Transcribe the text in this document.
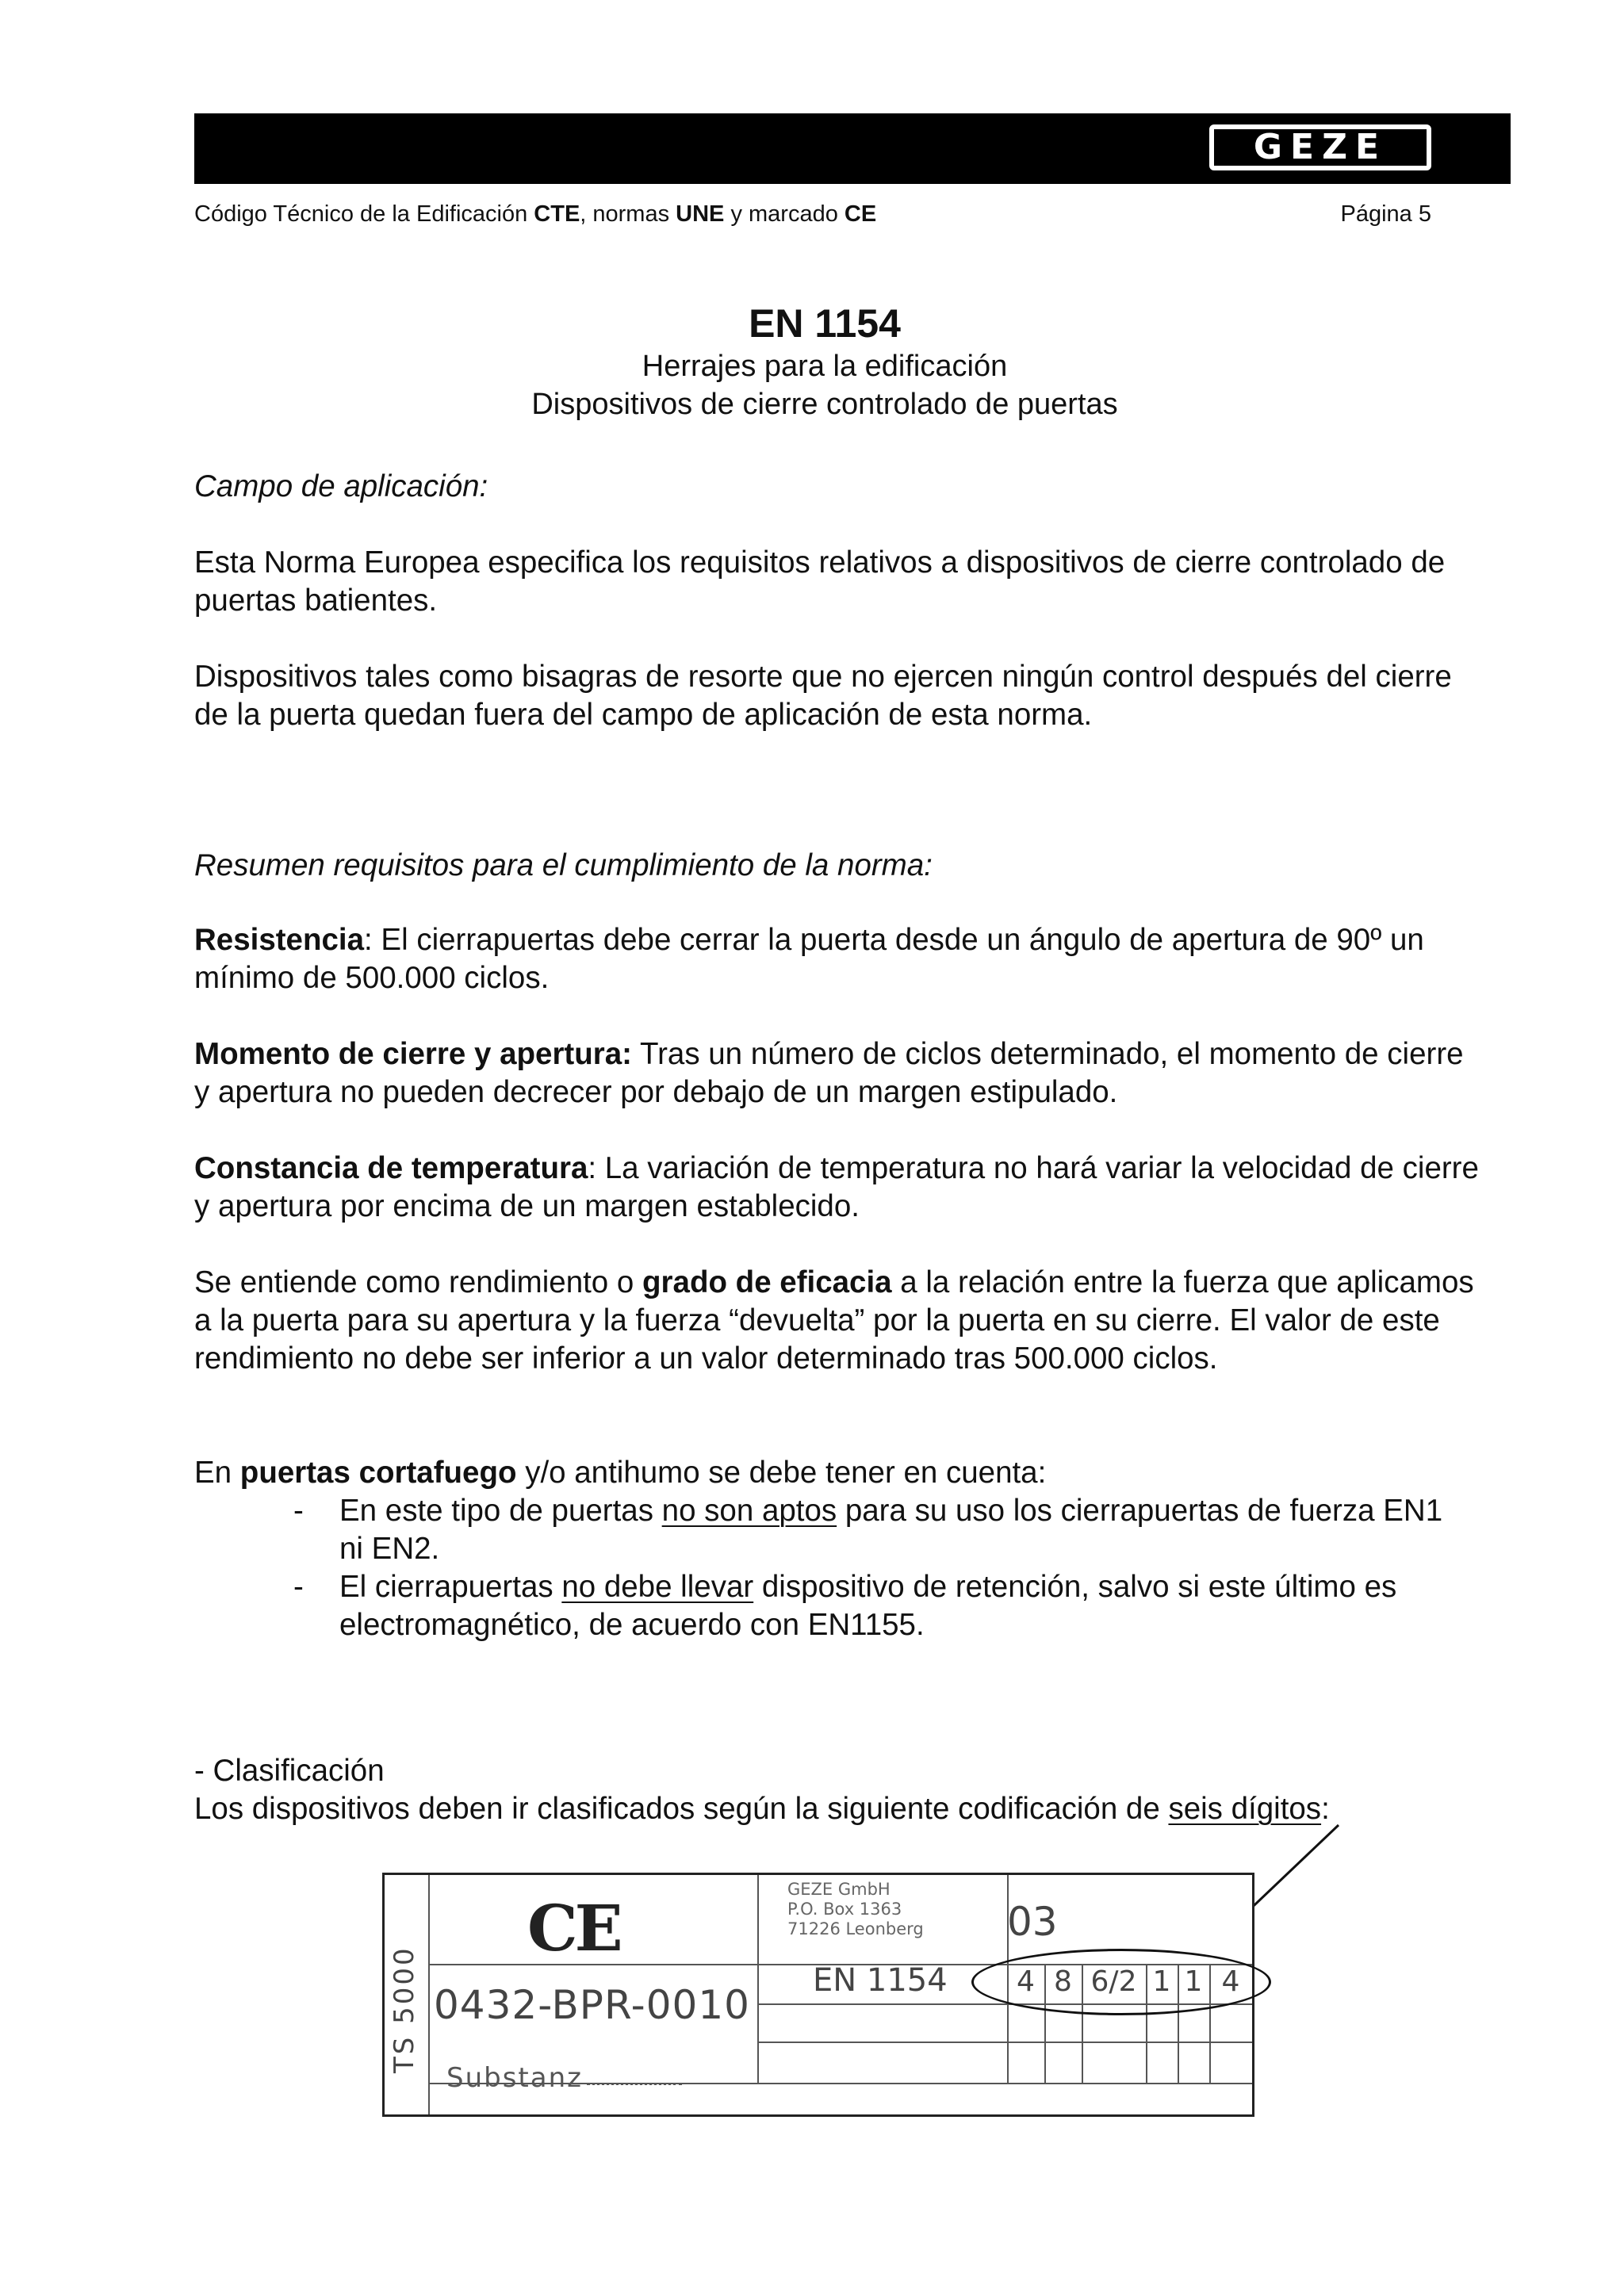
GEZE
Código Técnico de la Edificación CTE, normas UNE y marcado CE	Página 5
EN 1154
Herrajes para la edificación
Dispositivos de cierre controlado de puertas

Campo de aplicación:

Esta Norma Europea especifica los requisitos relativos a dispositivos de cierre controlado de puertas batientes.

Dispositivos tales como bisagras de resorte que no ejercen ningún control después del cierre de la puerta quedan fuera del campo de aplicación de esta norma.

Resumen requisitos para el cumplimiento de la norma:

Resistencia: El cierrapuertas debe cerrar la puerta desde un ángulo de apertura de 90º un mínimo de 500.000 ciclos.

Momento de cierre y apertura: Tras un número de ciclos determinado, el momento de cierre y apertura no pueden decrecer por debajo de un margen estipulado.

Constancia de temperatura: La variación de temperatura no hará variar la velocidad de cierre y apertura por encima de un margen establecido.

Se entiende como rendimiento o grado de eficacia a la relación entre la fuerza que aplicamos a la puerta para su apertura y la fuerza “devuelta” por la puerta en su cierre. El valor de este rendimiento no debe ser inferior a un valor determinado tras 500.000 ciclos.

En puertas cortafuego y/o antihumo se debe tener en cuenta:

- En este tipo de puertas no son aptos para su uso los cierrapuertas de fuerza EN1 ni EN2.
- El cierrapuertas no debe llevar dispositivo de retención, salvo si este último es electromagnético, de acuerdo con EN1155.

- Clasificación

Los dispositivos deben ir clasificados según la siguiente codificación de seis dígitos:

TS 5000
CE
0432-BPR-0010
Substanz
GEZE GmbH
P.O. Box 1363
71226 Leonberg
EN 1154
03
4 8 6/2 1 1 4
